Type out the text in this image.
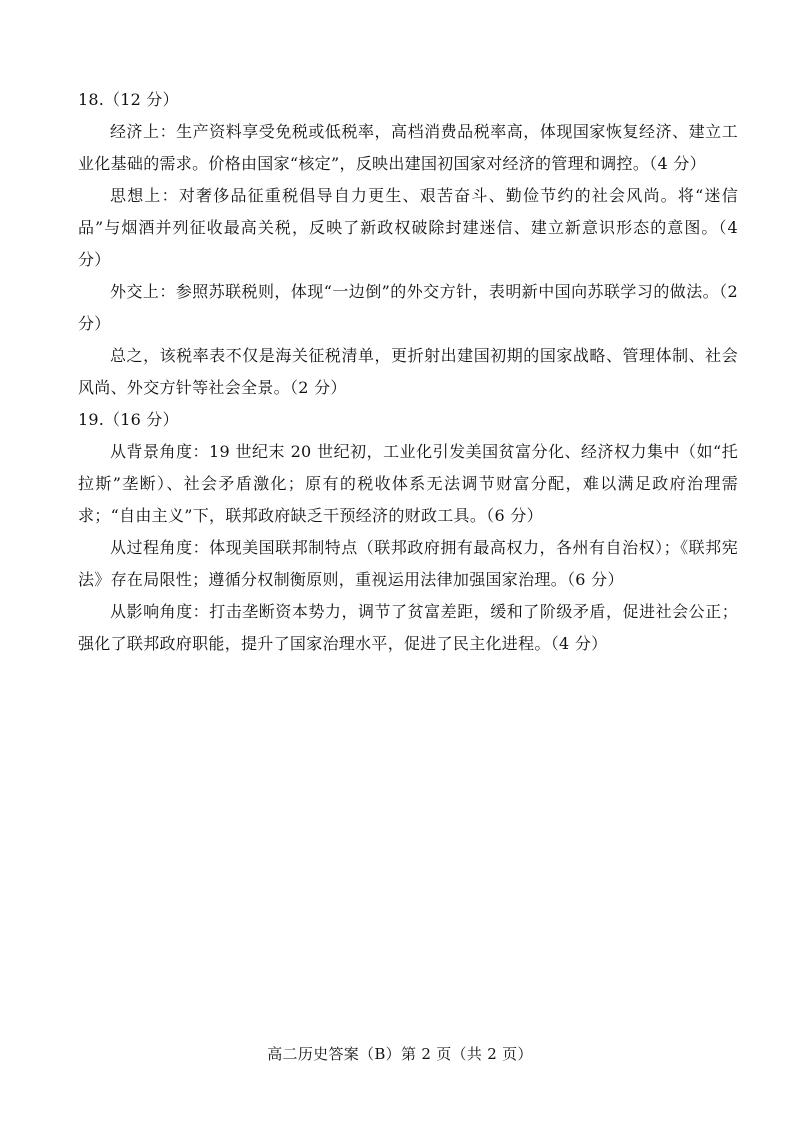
18.（12 分）

经济上：生产资料享受免税或低税率，高档消费品税率高，体现国家恢复经济、建立工业化基础的需求。价格由国家“核定”，反映出建国初国家对经济的管理和调控。（4 分）

思想上：对奢侈品征重税倡导自力更生、艰苦奋斗、勤俭节约的社会风尚。将“迷信品”与烟酒并列征收最高关税，反映了新政权破除封建迷信、建立新意识形态的意图。（4 分）

外交上：参照苏联税则，体现“一边倒”的外交方针，表明新中国向苏联学习的做法。（2 分）

总之，该税率表不仅是海关征税清单，更折射出建国初期的国家战略、管理体制、社会风尚、外交方针等社会全景。（2 分）

19.（16 分）

从背景角度：19 世纪末 20 世纪初，工业化引发美国贫富分化、经济权力集中（如“托拉斯”垄断）、社会矛盾激化；原有的税收体系无法调节财富分配，难以满足政府治理需求；“自由主义”下，联邦政府缺乏干预经济的财政工具。（6 分）

从过程角度：体现美国联邦制特点（联邦政府拥有最高权力，各州有自治权）；《联邦宪法》存在局限性；遵循分权制衡原则，重视运用法律加强国家治理。（6 分）

从影响角度：打击垄断资本势力，调节了贫富差距，缓和了阶级矛盾，促进社会公正；强化了联邦政府职能，提升了国家治理水平，促进了民主化进程。（4 分）

高二历史答案（B）第 2 页（共 2 页）
